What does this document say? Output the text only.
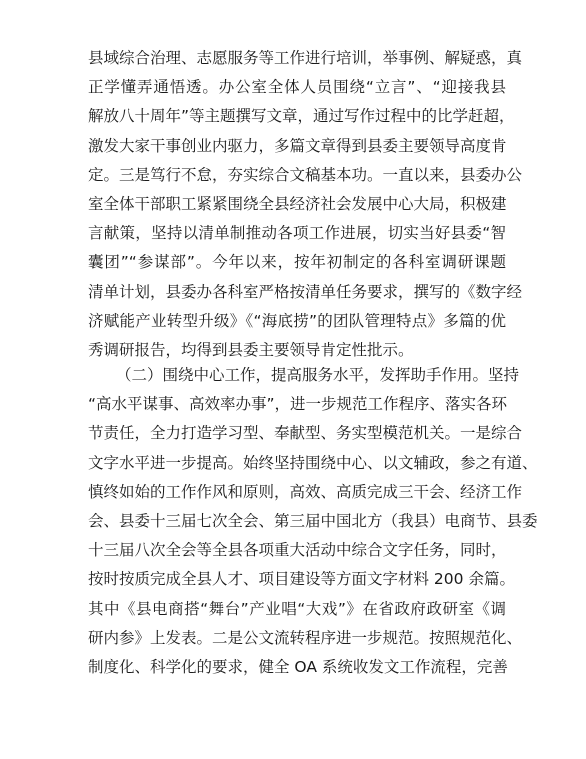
县域综合治理、志愿服务等工作进行培训，举事例、解疑惑，真
正学懂弄通悟透。办公室全体人员围绕“立言”、“迎接我县
解放八十周年”等主题撰写文章，通过写作过程中的比学赶超，
激发大家干事创业内驱力，多篇文章得到县委主要领导高度肯
定。三是笃行不怠，夯实综合文稿基本功。一直以来，县委办公
室全体干部职工紧紧围绕全县经济社会发展中心大局，积极建
言献策，坚持以清单制推动各项工作进展，切实当好县委“智
囊团”“参谋部”。今年以来，按年初制定的各科室调研课题
清单计划，县委办各科室严格按清单任务要求，撰写的《数字经
济赋能产业转型升级》《“海底捞”的团队管理特点》多篇的优
秀调研报告，均得到县委主要领导肯定性批示。
（二）围绕中心工作，提高服务水平，发挥助手作用。坚持
“高水平谋事、高效率办事”，进一步规范工作程序、落实各环
节责任，全力打造学习型、奉献型、务实型模范机关。一是综合
文字水平进一步提高。始终坚持围绕中心、以文辅政，参之有道、
慎终如始的工作作风和原则，高效、高质完成三干会、经济工作
会、县委十三届七次全会、第三届中国北方（我县）电商节、县委
十三届八次全会等全县各项重大活动中综合文字任务，同时，
按时按质完成全县人才、项目建设等方面文字材料 200 余篇。
其中《县电商搭“舞台”产业唱“大戏”》在省政府政研室《调
研内参》上发表。二是公文流转程序进一步规范。按照规范化、
制度化、科学化的要求，健全 OA 系统收发文工作流程，完善
